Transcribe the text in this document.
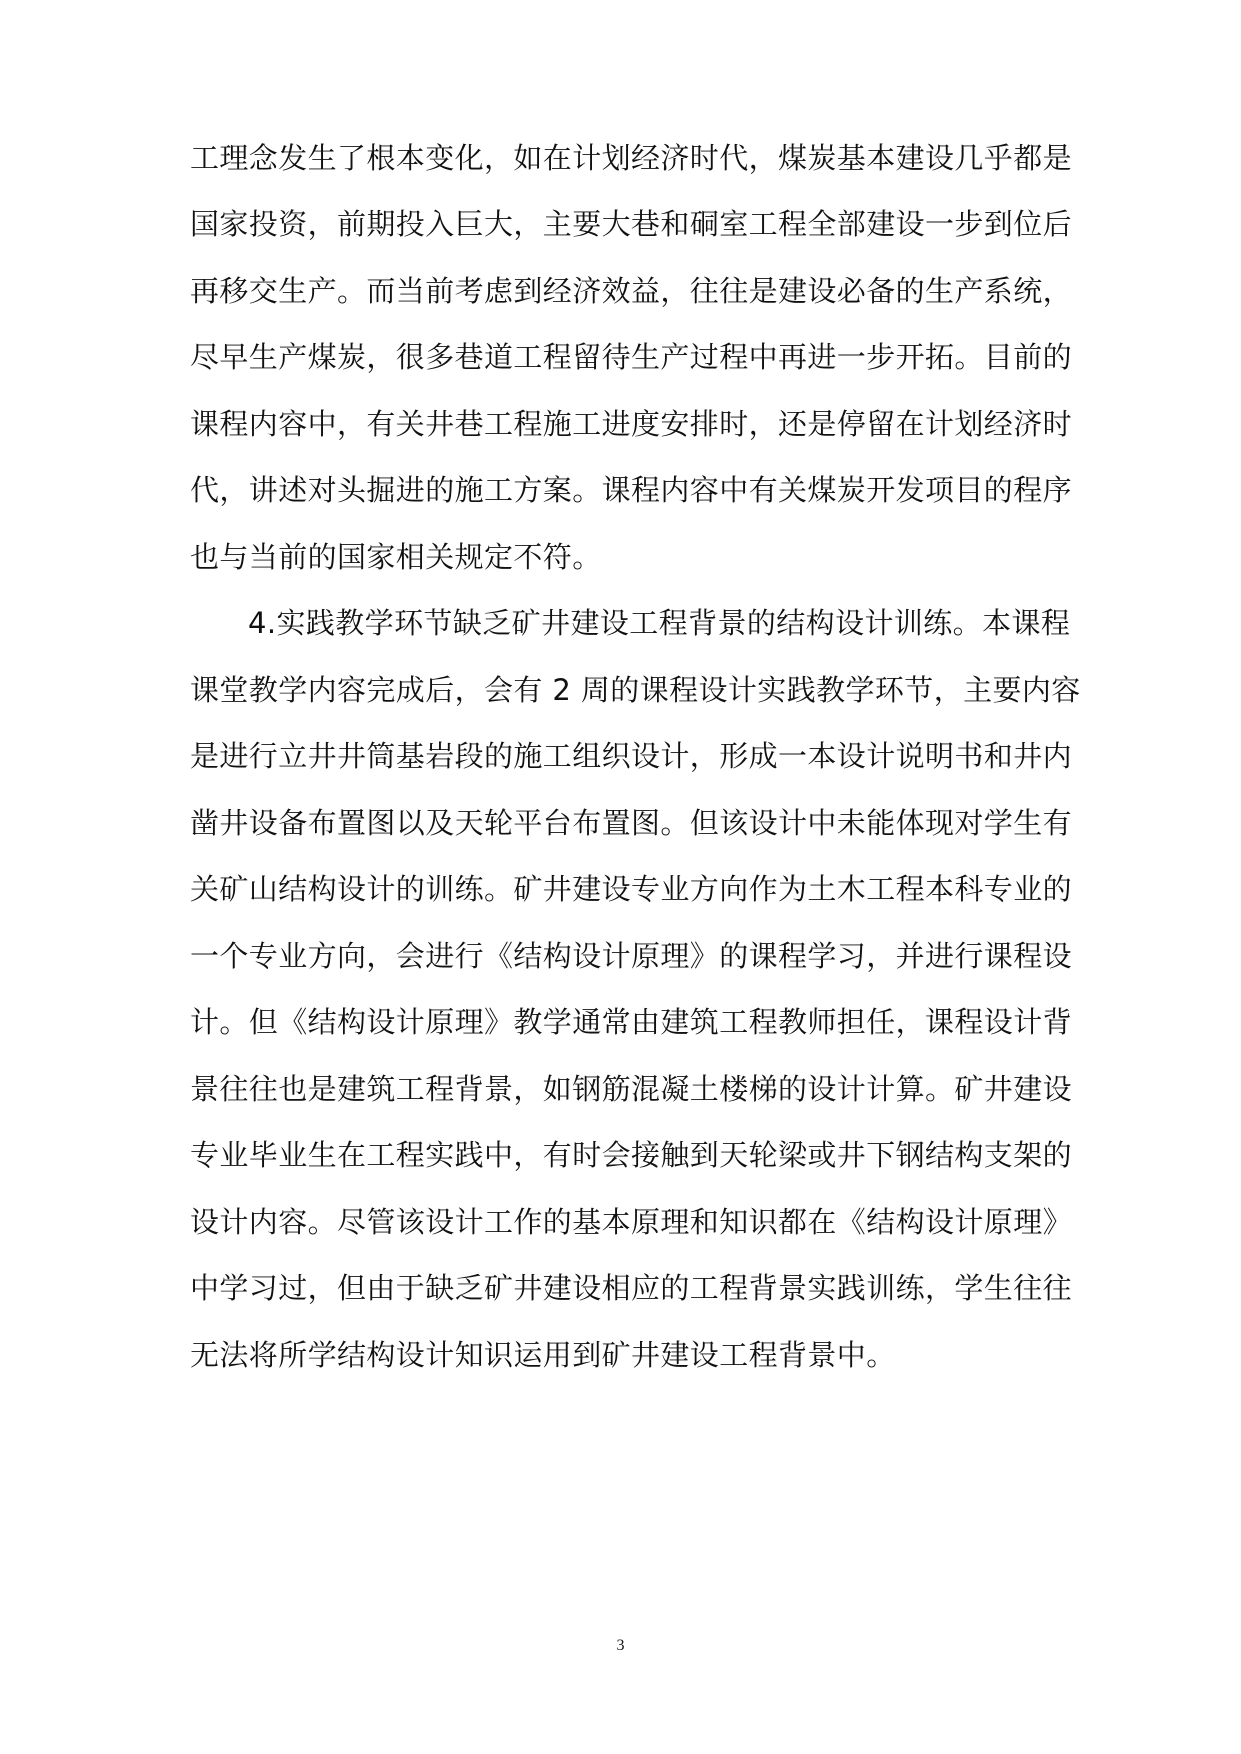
工理念发生了根本变化，如在计划经济时代，煤炭基本建设几乎都是
国家投资，前期投入巨大，主要大巷和硐室工程全部建设一步到位后
再移交生产。而当前考虑到经济效益，往往是建设必备的生产系统，
尽早生产煤炭，很多巷道工程留待生产过程中再进一步开拓。目前的
课程内容中，有关井巷工程施工进度安排时，还是停留在计划经济时
代，讲述对头掘进的施工方案。课程内容中有关煤炭开发项目的程序
也与当前的国家相关规定不符。
4.实践教学环节缺乏矿井建设工程背景的结构设计训练。本课程
课堂教学内容完成后，会有 2 周的课程设计实践教学环节，主要内容
是进行立井井筒基岩段的施工组织设计，形成一本设计说明书和井内
凿井设备布置图以及天轮平台布置图。但该设计中未能体现对学生有
关矿山结构设计的训练。矿井建设专业方向作为土木工程本科专业的
一个专业方向，会进行《结构设计原理》的课程学习，并进行课程设
计。但《结构设计原理》教学通常由建筑工程教师担任，课程设计背
景往往也是建筑工程背景，如钢筋混凝土楼梯的设计计算。矿井建设
专业毕业生在工程实践中，有时会接触到天轮梁或井下钢结构支架的
设计内容。尽管该设计工作的基本原理和知识都在《结构设计原理》
中学习过，但由于缺乏矿井建设相应的工程背景实践训练，学生往往
无法将所学结构设计知识运用到矿井建设工程背景中。
3
